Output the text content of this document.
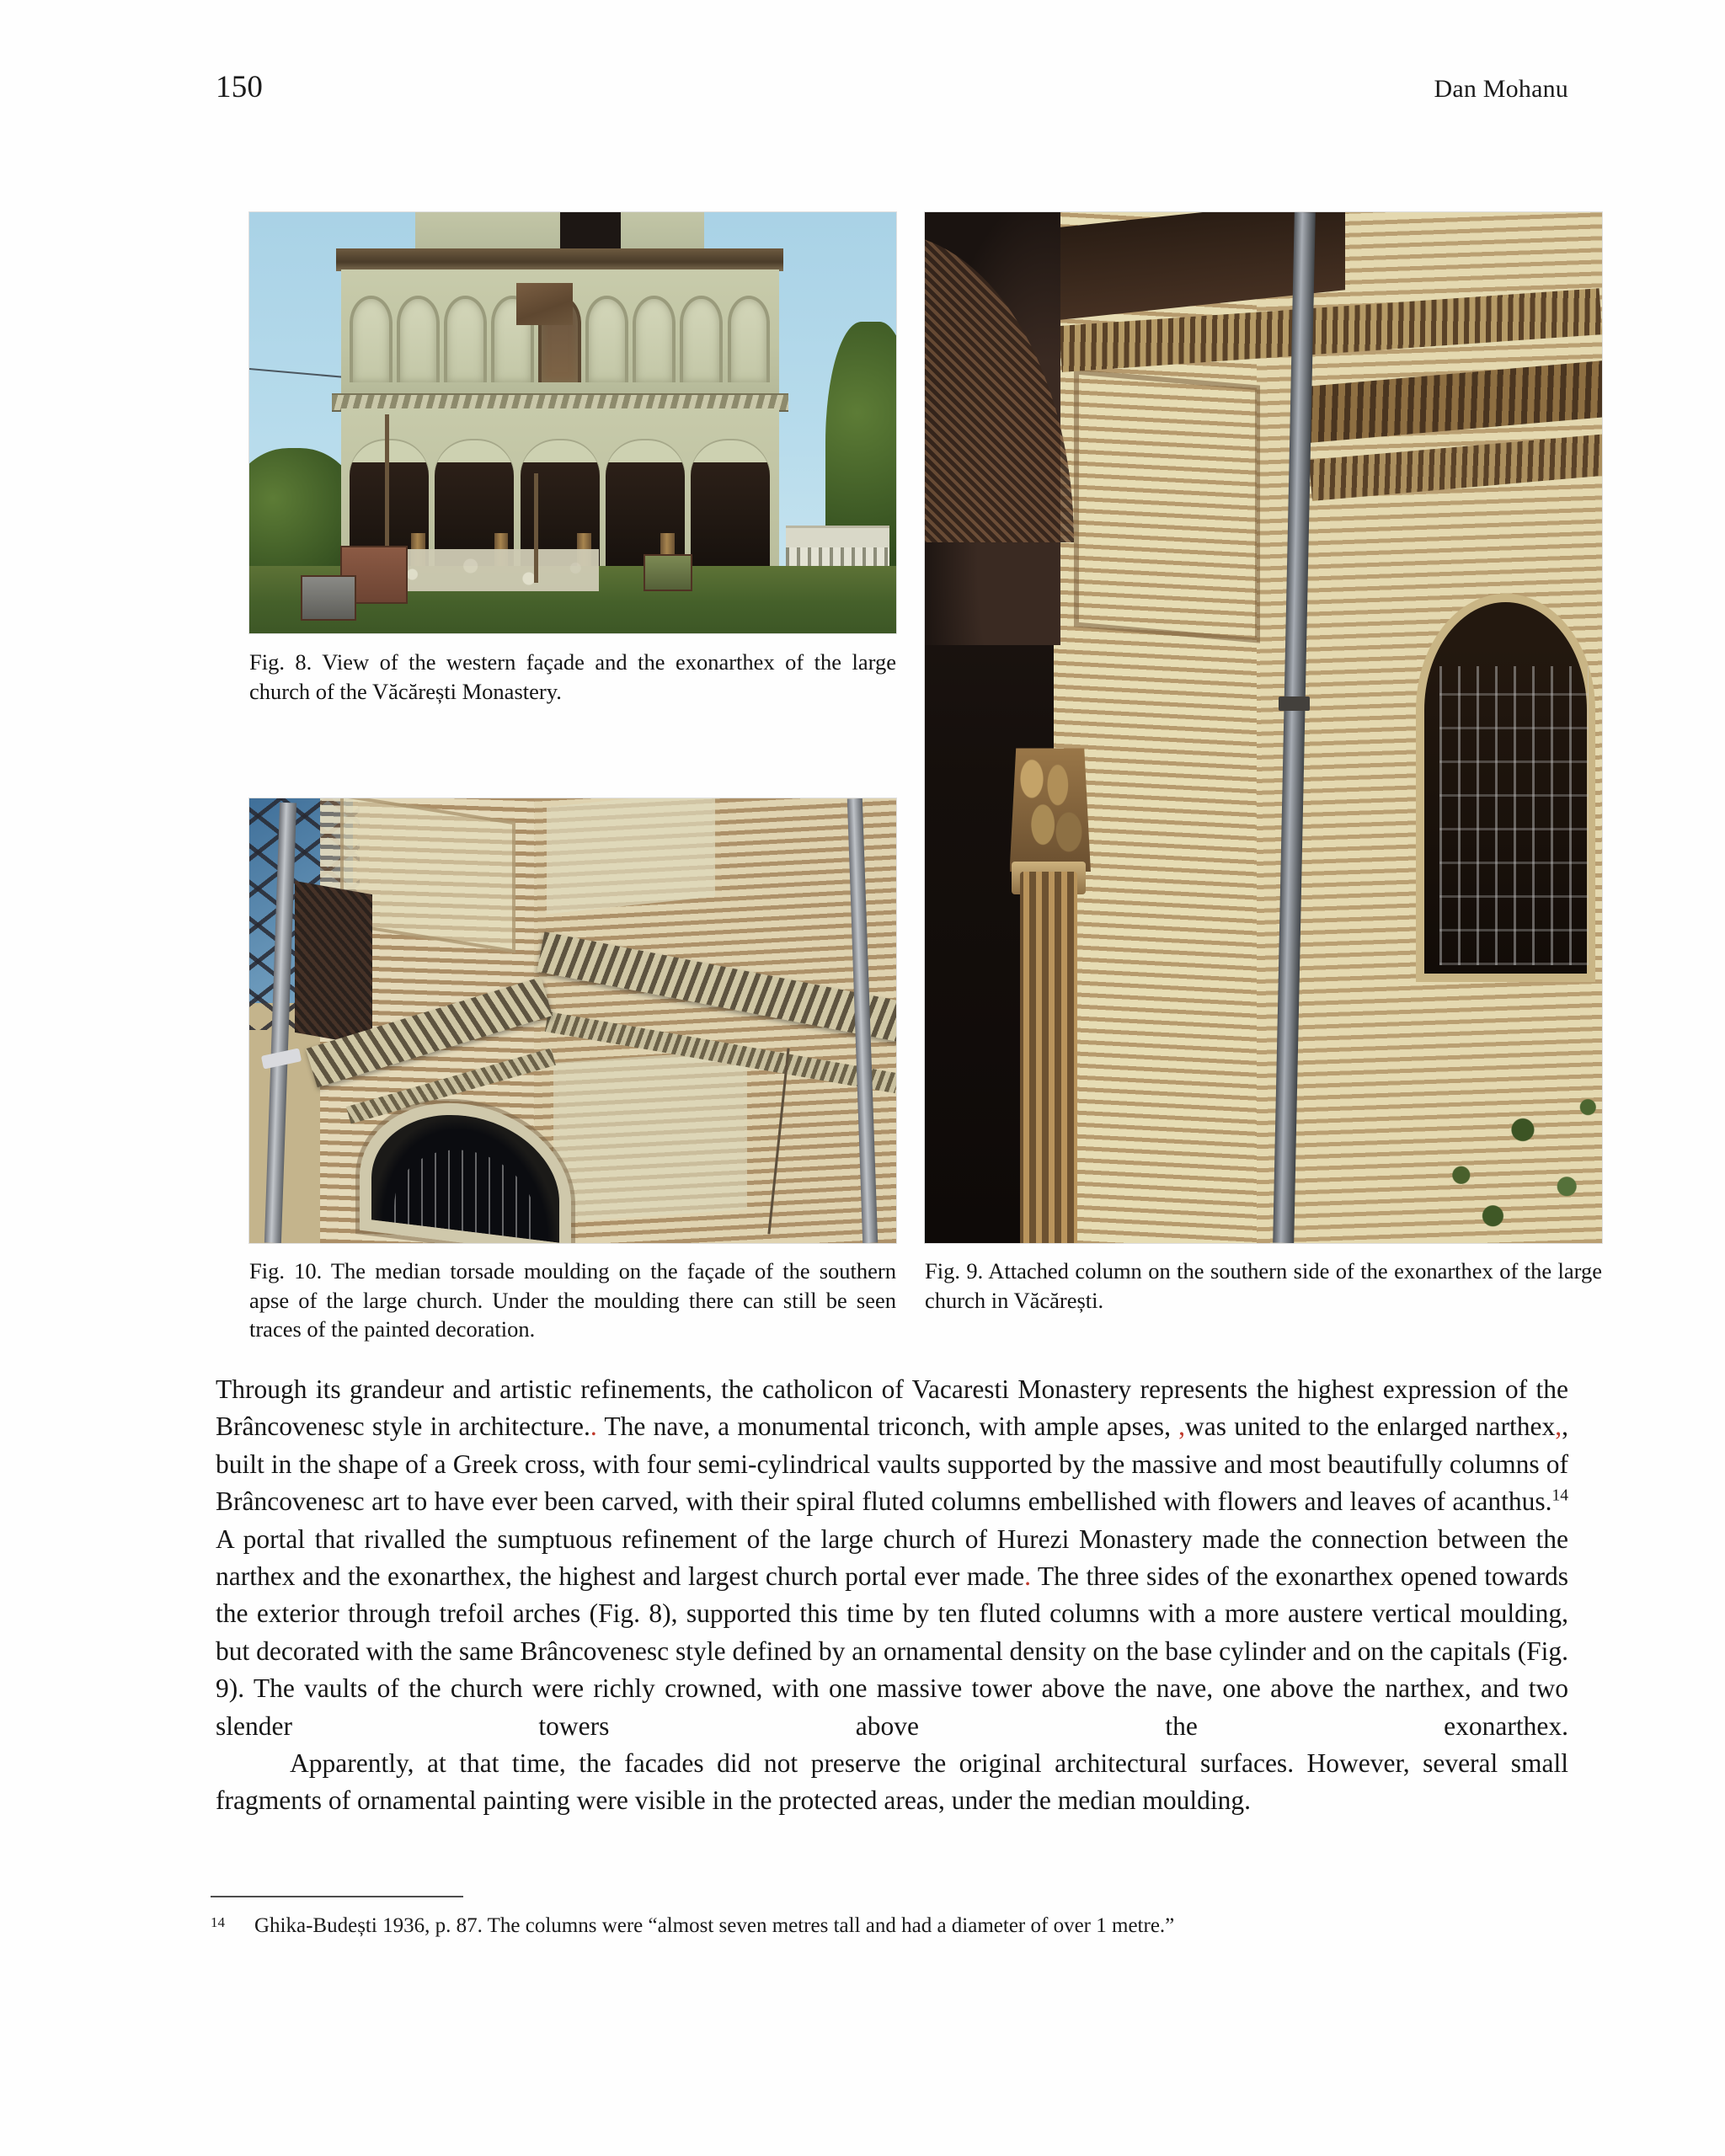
150	Dan Mohanu
Fig. 8. View of the western façade and the exonarthex of the large church of the Văcărești Monastery.
Fig. 10. The median torsade moulding on the façade of the southern apse of the large church. Under the moulding there can still be seen traces of the painted decoration.
Fig. 9. Attached column on the southern side of the exonarthex of the large church in Văcărești.

Through its grandeur and artistic refinements, the catholicon of Vacaresti Monastery represents the highest expression of the Brâncovenesc style in architecture.. The nave, a monumental triconch, with ample apses, ,was united to the enlarged narthex,, built in the shape of a Greek cross, with four semi-cylindrical vaults supported by the massive and most beautifully columns of Brâncovenesc art to have ever been carved, with their spiral fluted columns embellished with flowers and leaves of acanthus.$^{14}$ A portal that rivalled the sumptuous refinement of the large church of Hurezi Monastery made the connection between the narthex and the exonarthex, the highest and largest church portal ever made. The three sides of the exonarthex opened towards the exterior through trefoil arches (Fig. 8), supported this time by ten fluted columns with a more austere vertical moulding, but decorated with the same Brâncovenesc style defined by an ornamental density on the base cylinder and on the capitals (Fig. 9). The vaults of the church were richly crowned, with one massive tower above the nave, one above the narthex, and two slender towers above the exonarthex.

Apparently, at that time, the facades did not preserve the original architectural surfaces. However, several small fragments of ornamental painting were visible in the protected areas, under the median moulding.

14	Ghika-Budești 1936, p. 87. The columns were “almost seven metres tall and had a diameter of over 1 metre.”
